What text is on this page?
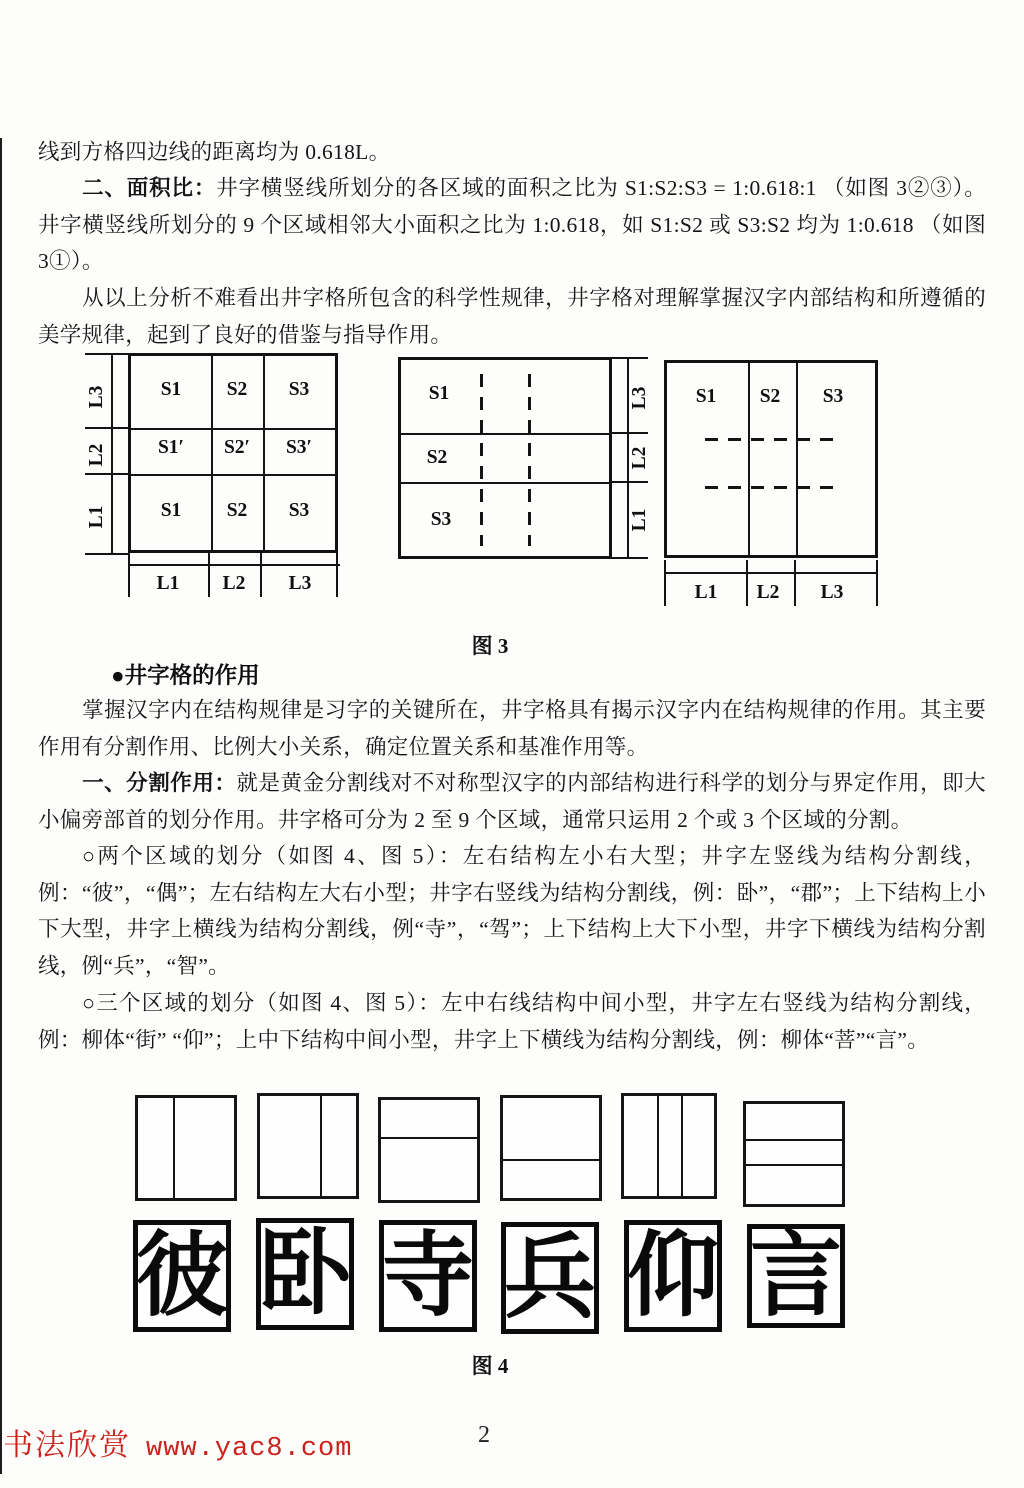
线到方格四边线的距离均为 0.618L。

二、面积比：井字横竖线所划分的各区域的面积之比为 S1:S2:S3 = 1:0.618:1 （如图 3②③）。井字横竖线所划分的 9 个区域相邻大小面积之比为 1:0.618，如 S1:S2 或 S3:S2 均为 1:0.618 （如图 3①）。

从以上分析不难看出井字格所包含的科学性规律，井字格对理解掌握汉字内部结构和所遵循的美学规律，起到了良好的借鉴与指导作用。

L3
L2
L1
S1	S2	S3
S1′	S2′	S3′
S1	S2	S3
L1	L2	L3
S1
S2
S3
L3
L2
L1
S1	S2	S3
L1	L2	L3
图 3
●井字格的作用

掌握汉字内在结构规律是习字的关键所在，井字格具有揭示汉字内在结构规律的作用。其主要作用有分割作用、比例大小关系，确定位置关系和基准作用等。

一、分割作用：就是黄金分割线对不对称型汉字的内部结构进行科学的划分与界定作用，即大小偏旁部首的划分作用。井字格可分为 2 至 9 个区域，通常只运用 2 个或 3 个区域的分割。

○两个区域的划分（如图 4、图 5）：左右结构左小右大型；井字左竖线为结构分割线，例：“彼”，“偶”；左右结构左大右小型；井字右竖线为结构分割线，例：卧”，“郡”；上下结构上小下大型，井字上横线为结构分割线，例“寺”，“驾”；上下结构上大下小型，井字下横线为结构分割线，例“兵”，“智”。

○三个区域的划分（如图 4、图 5）：左中右线结构中间小型，井字左右竖线为结构分割线，例：柳体“街” “仰”；上中下结构中间小型，井字上下横线为结构分割线，例：柳体“菩”“言”。

彼 卧 寺 兵 仰 言
图 4
书法欣赏 www.yac8.com	2
